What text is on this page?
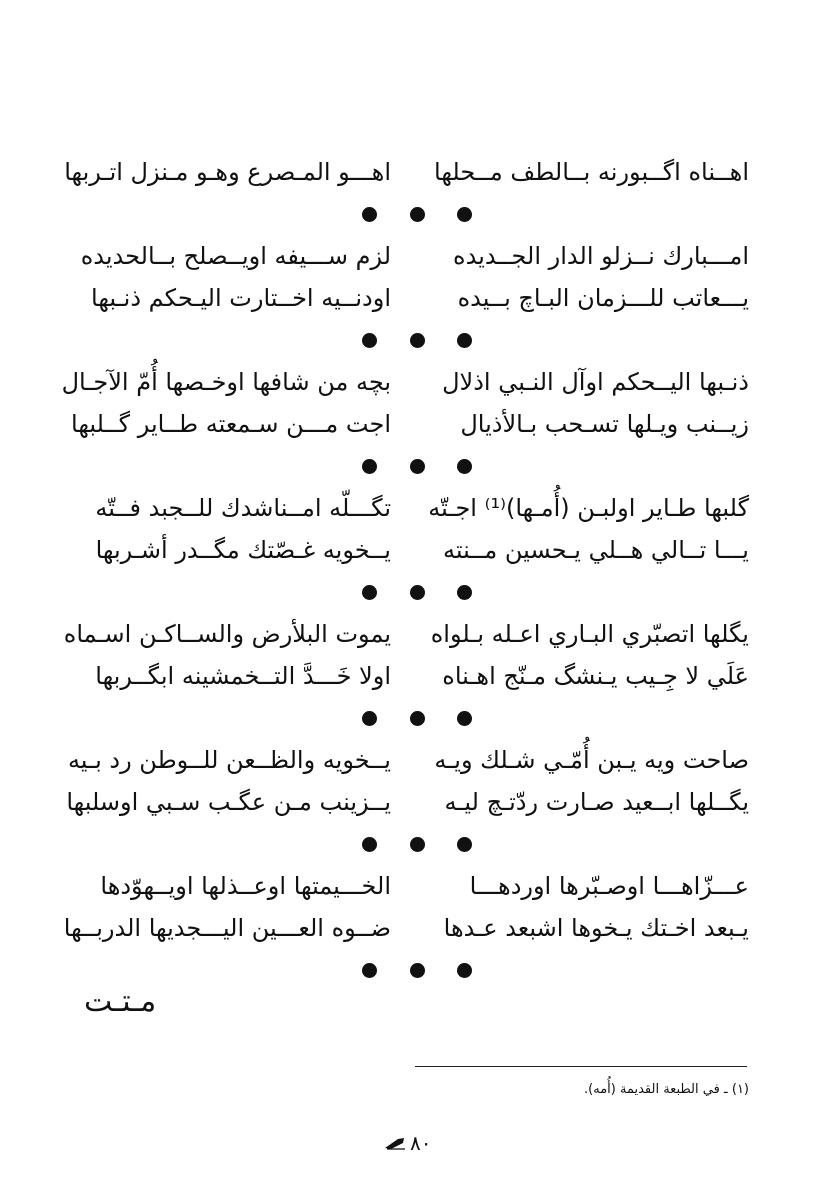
اهــناه اگــبورنه بــالطف مــحلها
اهـــو المـصرع وهـو مـنزل اتـربها
امـــبارك نــزلو الدار الجــديده
لزم ســـيفه اويــصلح بــالحديده
يـــعاتب للـــزمان البـاچ بــيده
اودنــيه اخــتارت اليـحكم ذنـبها
ذنـبها اليــحكم اوآل النـبي اذلال
بچه من شافها اوخـصها أُمّ الآجـال
زيــنب ويـلها تسـحب بـالأذيال
اجت مـــن سـمعته طــاير گــلبها
گلبها طـاير اولبـن (أُمـها)⁽¹⁾ اجـتّه
تگـــلّه امــناشدك للــجبد فــتّه
يـــا تــالي هــلي يـحسين مــنته
يــخويه غـصّتك مگــدر أشـربها
يگلها اتصبّري البـاري اعـله بـلواه
يموت البلأرض والســاكـن اسـماه
عَلَي لا جِـيب يـنشگ مـنّج اهـناه
اولا خَـــدَّ التــخمشينه ابگــربها
صاحت ويه يـبن أُمّـي شـلك ويـه
يــخويه والظــعن للــوطن رد بـيه
يگــلها ابــعيد صـارت ردّتـچ ليـه
يــزينب مـن عگـب سـبي اوسلبها
عـــزّاهـــا اوصـبّرها اوردهـــا
الخـــيمتها اوعــذلها اويــهوّدها
يـبعد اخـتك يـخوها اشبعد عـدها
ضــوه العـــين اليـــجديها الدربــها
مـتـت
(١) ـ في الطبعة القديمة (أُمه).
٨٠
